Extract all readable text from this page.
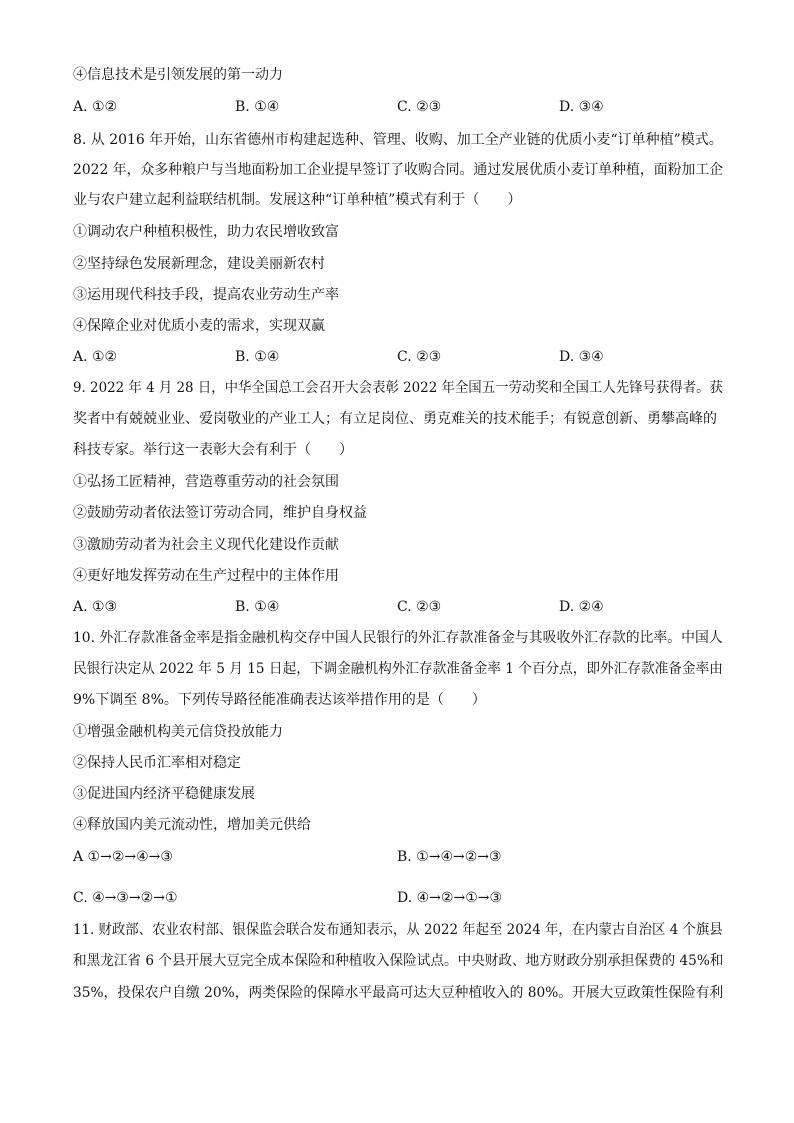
④信息技术是引领发展的第一动力
A. ①②	B. ①④	C. ②③	D. ③④
8. 从 2016 年开始，山东省德州市构建起选种、管理、收购、加工全产业链的优质小麦“订单种植”模式。
2022 年，众多种粮户与当地面粉加工企业提早签订了收购合同。通过发展优质小麦订单种植，面粉加工企
业与农户建立起利益联结机制。发展这种“订单种植”模式有利于（　　）
①调动农户种植积极性，助力农民增收致富
②坚持绿色发展新理念，建设美丽新农村
③运用现代科技手段，提高农业劳动生产率
④保障企业对优质小麦的需求，实现双赢
A. ①②	B. ①④	C. ②③	D. ③④
9. 2022 年 4 月 28 日，中华全国总工会召开大会表彰 2022 年全国五一劳动奖和全国工人先锋号获得者。获
奖者中有兢兢业业、爱岗敬业的产业工人；有立足岗位、勇克难关的技术能手；有锐意创新、勇攀高峰的
科技专家。举行这一表彰大会有利于（　　）
①弘扬工匠精神，营造尊重劳动的社会氛围
②鼓励劳动者依法签订劳动合同，维护自身权益
③激励劳动者为社会主义现代化建设作贡献
④更好地发挥劳动在生产过程中的主体作用
A. ①③	B. ①④	C. ②③	D. ②④
10. 外汇存款准备金率是指金融机构交存中国人民银行的外汇存款准备金与其吸收外汇存款的比率。中国人
民银行决定从 2022 年 5 月 15 日起，下调金融机构外汇存款准备金率 1 个百分点，即外汇存款准备金率由
9%下调至 8%。下列传导路径能准确表达该举措作用的是（　　）
①增强金融机构美元信贷投放能力
②保持人民币汇率相对稳定
③促进国内经济平稳健康发展
④释放国内美元流动性，增加美元供给
A ①→②→④→③	B. ①→④→②→③
C. ④→③→②→①	D. ④→②→①→③
11. 财政部、农业农村部、银保监会联合发布通知表示，从 2022 年起至 2024 年，在内蒙古自治区 4 个旗县
和黑龙江省 6 个县开展大豆完全成本保险和种植收入保险试点。中央财政、地方财政分别承担保费的 45%和
35%，投保农户自缴 20%，两类保险的保障水平最高可达大豆种植收入的 80%。开展大豆政策性保险有利
